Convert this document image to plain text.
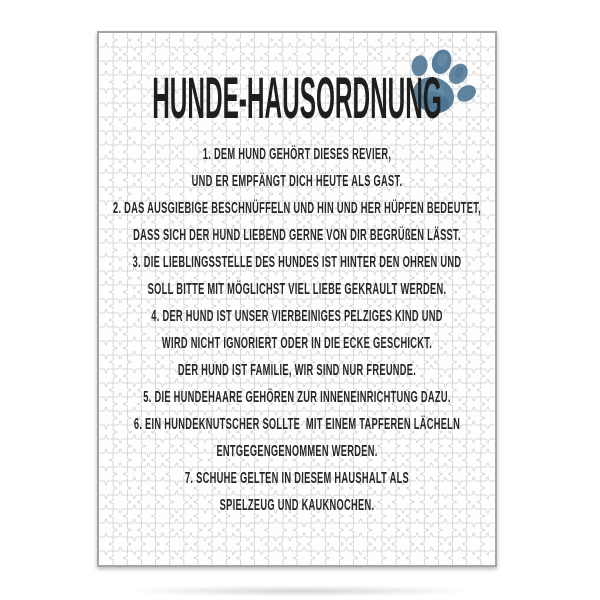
HUNDE-HAUSORDNUNG
1. DEM HUND GEHÖRT DIESES REVIER,
UND ER EMPFÄNGT DICH HEUTE ALS GAST.
2. DAS AUSGIEBIGE BESCHNÜFFELN UND HIN UND HER HÜPFEN BEDEUTET,
DASS SICH DER HUND LIEBEND GERNE VON DIR BEGRÜßEN LÄSST.
3. DIE LIEBLINGSSTELLE DES HUNDES IST HINTER DEN OHREN UND
SOLL BITTE MIT MÖGLICHST VIEL LIEBE GEKRAULT WERDEN.
4. DER HUND IST UNSER VIERBEINIGES PELZIGES KIND UND
WIRD NICHT IGNORIERT ODER IN DIE ECKE GESCHICKT.
DER HUND IST FAMILIE, WIR SIND NUR FREUNDE.
5. DIE HUNDEHAARE GEHÖREN ZUR INNENEINRICHTUNG DAZU.
6. EIN HUNDEKNUTSCHER SOLLTE  MIT EINEM TAPFEREN LÄCHELN
ENTGEGENGENOMMEN WERDEN.
7. SCHUHE GELTEN IN DIESEM HAUSHALT ALS
SPIELZEUG UND KAUKNOCHEN.
